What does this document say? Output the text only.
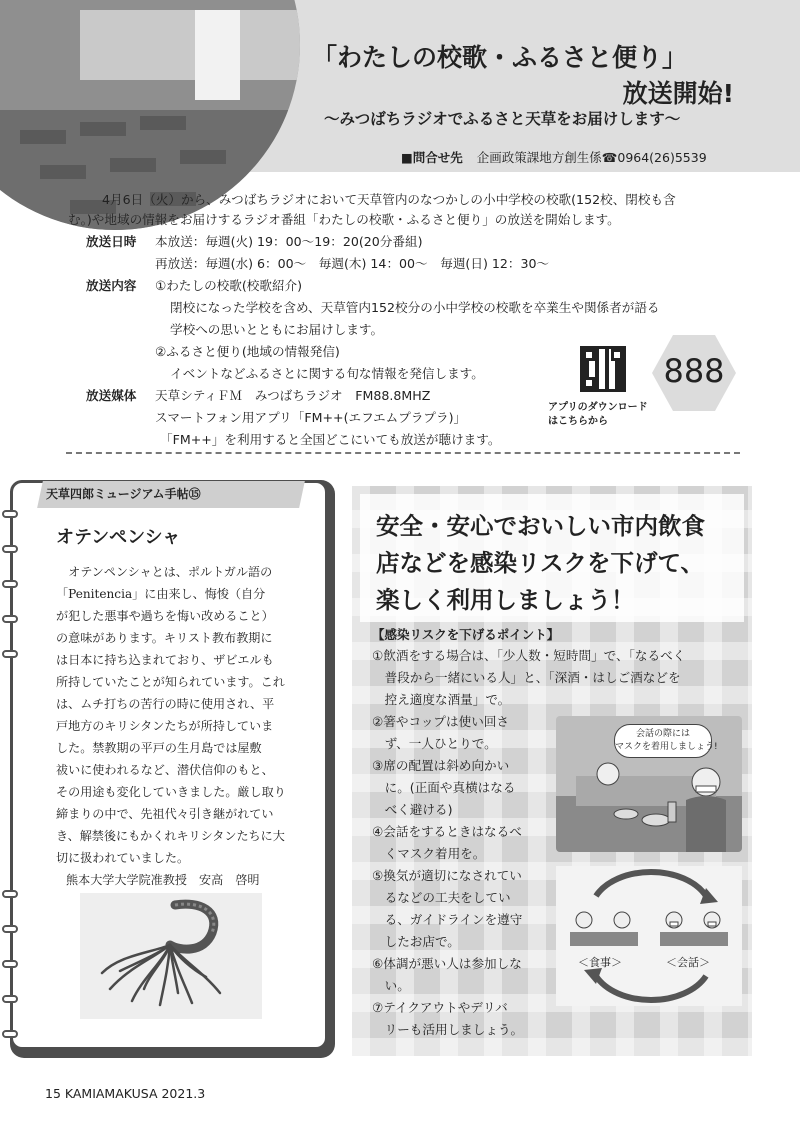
「わたしの校歌・ふるさと便り」
放送開始!
〜みつばちラジオでふるさと天草をお届けします〜
■問合せ先 企画政策課地方創生係☎0964(26)5539
4月6日（火）から、みつばちラジオにおいて天草管内のなつかしの小中学校の校歌(152校、閉校も含
む。)や地域の情報をお届けするラジオ番組「わたしの校歌・ふるさと便り」の放送を開始します。
放送日時 本放送：毎週(火) 19：00〜19：20(20分番組)
再放送：毎週(水) 6：00〜　毎週(木) 14：00〜　毎週(日) 12：30〜
放送内容 ①わたしの校歌(校歌紹介)
閉校になった学校を含め、天草管内152校分の小中学校の校歌を卒業生や関係者が語る
学校への思いとともにお届けします。
②ふるさと便り(地域の情報発信)
イベントなどふるさとに関する旬な情報を発信します。
放送媒体 天草シティＦＭ　みつばちラジオ　FM88.8MHZ
スマートフォン用アプリ「FM++(エフエムプラプラ)」
「FM++」を利用すると全国どこにいても放送が聴けます。
アプリのダウンロード
はこちらから
888
天草四郎ミュージアム手帖⑮
オテンペンシャ
　オテンペンシャとは、ポルトガル語の
「Penitencia」に由来し、悔悛（自分
が犯した悪事や過ちを悔い改めること）
の意味があります。キリスト教布教期に
は日本に持ち込まれており、ザビエルも
所持していたことが知られています。これ
は、ムチ打ちの苦行の時に使用され、平
戸地方のキリシタンたちが所持していま
した。禁教期の平戸の生月島では屋敷
祓いに使われるなど、潜伏信仰のもと、
その用途も変化していきました。厳し取り
締まりの中で、先祖代々引き継がれてい
き、解禁後にもかくれキリシタンたちに大
切に扱われていました。
熊本大学大学院准教授　安高　啓明
安全・安心でおいしい市内飲食
店などを感染リスクを下げて、
楽しく利用しましょう！
【感染リスクを下げるポイント】
①飲酒をする場合は、「少人数・短時間」で、「なるべく
　普段から一緒にいる人」と、「深酒・はしご酒などを
　控え適度な酒量」で。
②箸やコップは使い回さ
　ず、一人ひとりで。
③席の配置は斜め向かい
　に。(正面や真横はなる
　べく避ける)
④会話をするときはなるべ
　くマスク着用を。
⑤換気が適切になされてい
　るなどの工夫をしてい
　る、ガイドラインを遵守
　したお店で。
⑥体調が悪い人は参加しな
　い。
⑦テイクアウトやデリバ
　リーも活用しましょう。
会話の際には
マスクを着用しましょう!
＜食事＞	＜会話＞
15 KAMIAMAKUSA 2021.3
